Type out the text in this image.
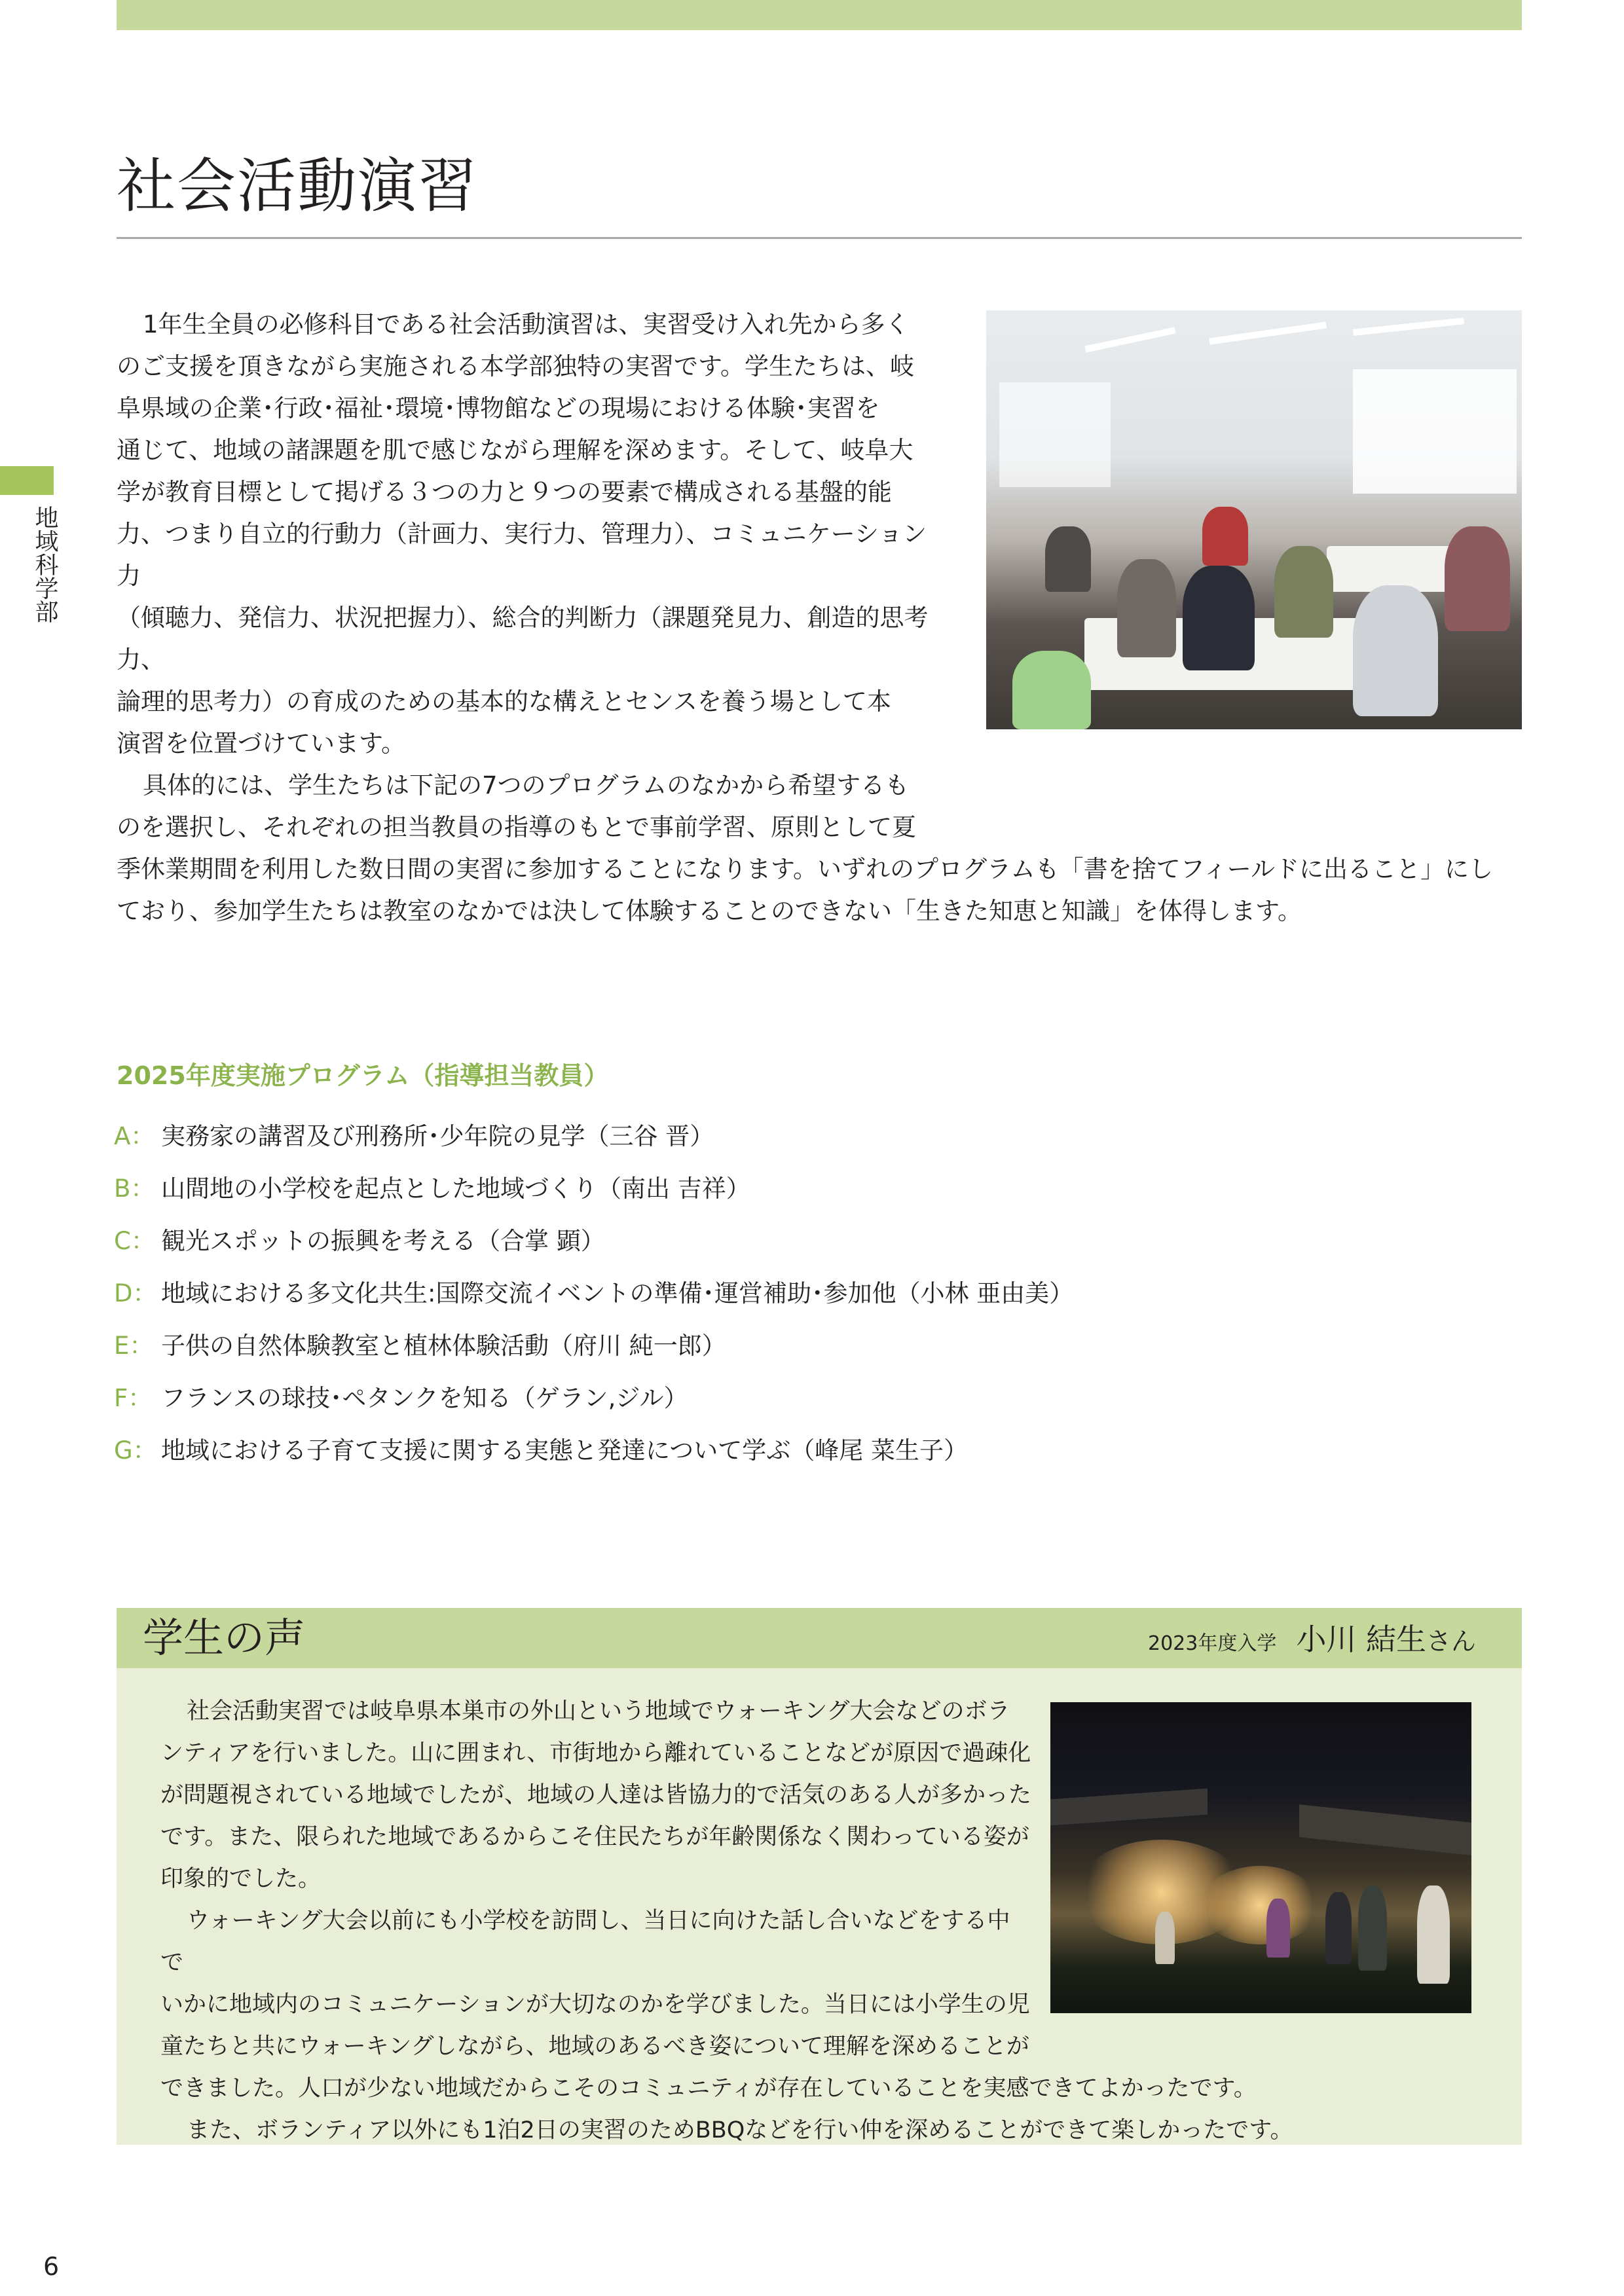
社会活動演習
地域科学部

1年生全員の必修科目である社会活動演習は、実習受け入れ先から多く

のご支援を頂きながら実施される本学部独特の実習です。学生たちは、岐

阜県域の企業･行政･福祉･環境･博物館などの現場における体験･実習を

通じて、地域の諸課題を肌で感じながら理解を深めます。そして、岐阜大

学が教育目標として掲げる３つの力と９つの要素で構成される基盤的能

力、つまり自立的行動力（計画力、実行力、管理力）、コミュニケーション力

（傾聴力、発信力、状況把握力）、総合的判断力（課題発見力、創造的思考力、

論理的思考力）の育成のための基本的な構えとセンスを養う場として本

演習を位置づけています。

具体的には、学生たちは下記の7つのプログラムのなかから希望するも

のを選択し、それぞれの担当教員の指導のもとで事前学習、原則として夏

季休業期間を利用した数日間の実習に参加することになります。いずれのプログラムも「書を捨てフィールドに出ること」にし

ており、参加学生たちは教室のなかでは決して体験することのできない「生きた知恵と知識」を体得します。

2025年度実施プログラム（指導担当教員）
A： 実務家の講習及び刑務所･少年院の見学（三谷 晋）
B： 山間地の小学校を起点とした地域づくり（南出 吉祥）
C： 観光スポットの振興を考える（合掌 顕）
D： 地域における多文化共生:国際交流イベントの準備･運営補助･参加他（小林 亜由美）
E： 子供の自然体験教室と植林体験活動（府川 純一郎）
F： フランスの球技･ペタンクを知る（ゲラン,ジル）
G： 地域における子育て支援に関する実態と発達について学ぶ（峰尾 菜生子）
学生の声	2023年度入学 小川 結生さん

社会活動実習では岐阜県本巣市の外山という地域でウォーキング大会などのボラ

ンティアを行いました。山に囲まれ、市街地から離れていることなどが原因で過疎化

が問題視されている地域でしたが、地域の人達は皆協力的で活気のある人が多かった

です。また、限られた地域であるからこそ住民たちが年齢関係なく関わっている姿が

印象的でした。

ウォーキング大会以前にも小学校を訪問し、当日に向けた話し合いなどをする中で

いかに地域内のコミュニケーションが大切なのかを学びました。当日には小学生の児

童たちと共にウォーキングしながら、地域のあるべき姿について理解を深めることが

できました。人口が少ない地域だからこそのコミュニティが存在していることを実感できてよかったです。

また、ボランティア以外にも1泊2日の実習のためBBQなどを行い仲を深めることができて楽しかったです。

6
